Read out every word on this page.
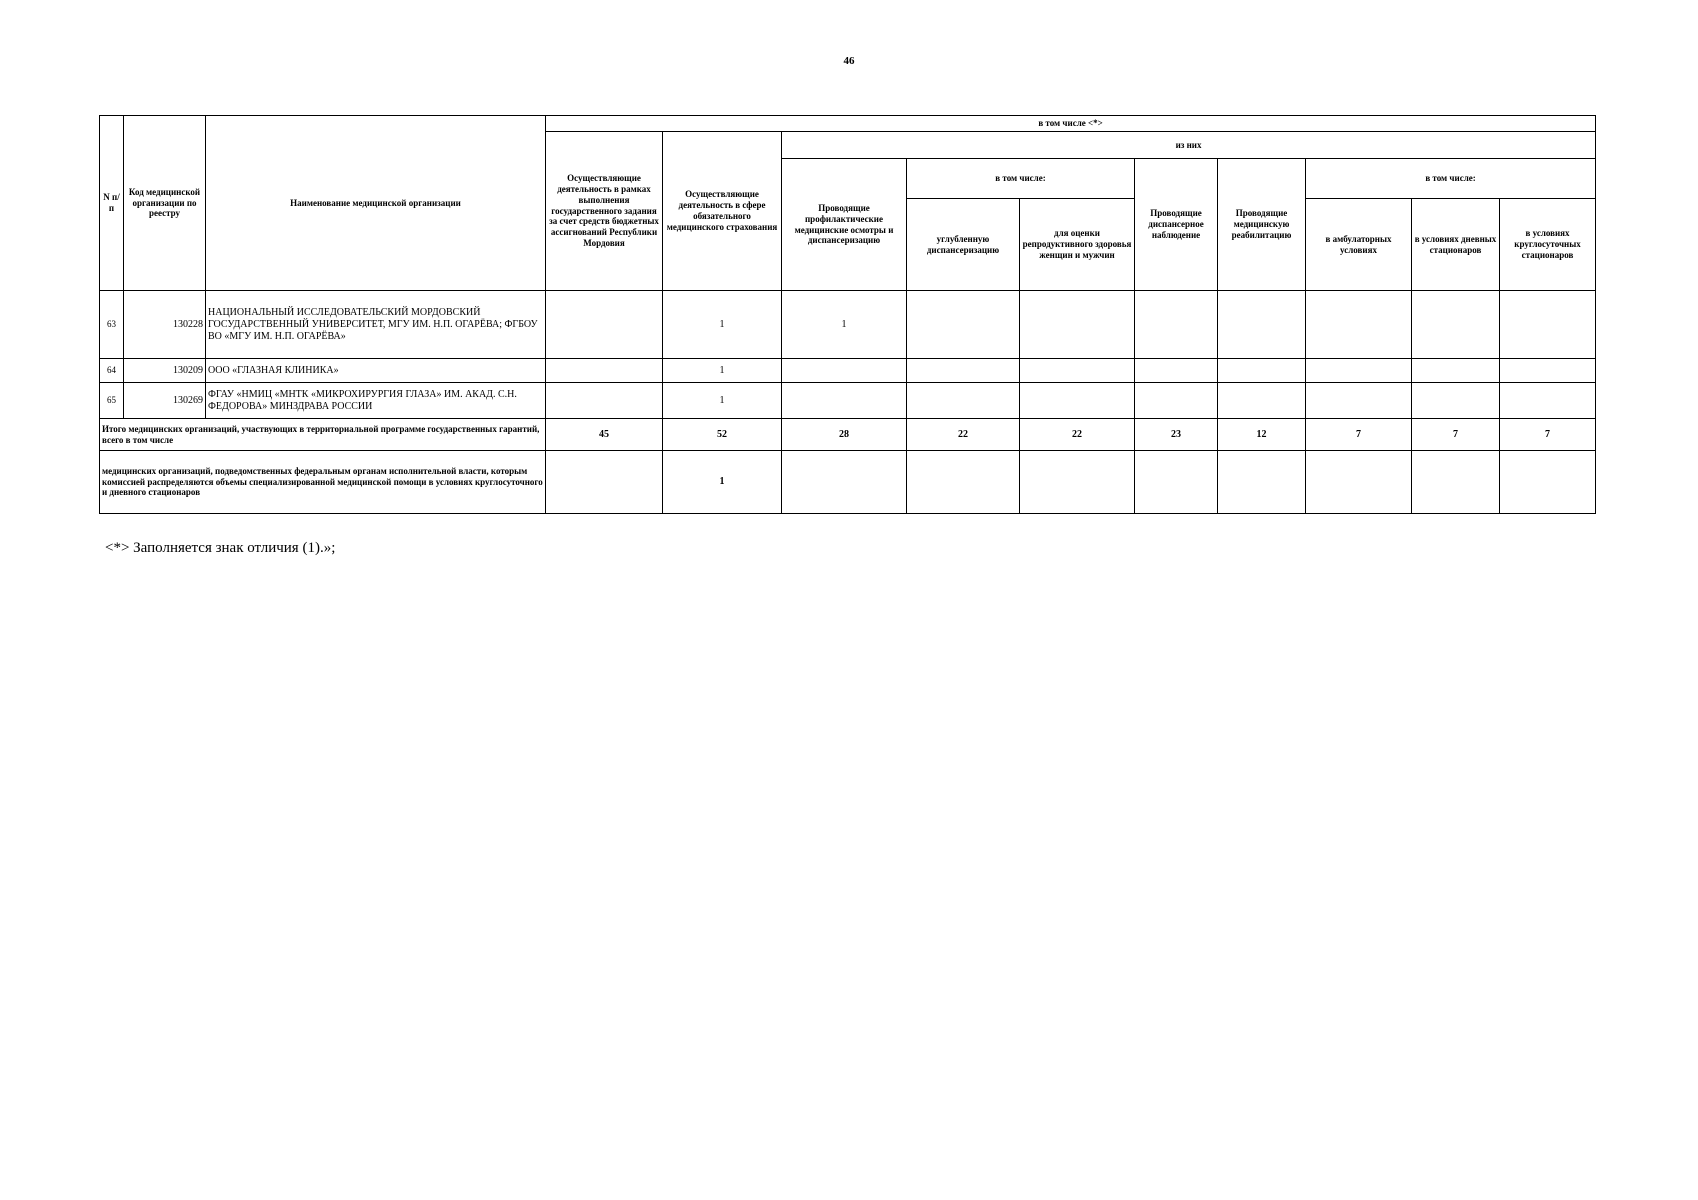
46
N п/п	Код медицинской организации по реестру	Наименование медицинской организации	в том числе <*>									
			Осуществляющие деятельность в рамках выполнения государственного задания за счет средств бюджетных ассигнований Республики Мордовия	Осуществляющие деятельность в сфере обязательного медицинского страхования	из них							
					Проводящие профилактические медицинские осмотры и диспансеризацию	в том числе:		Проводящие диспансерное наблюдение	Проводящие медицинскую реабилитацию	в том числе:		
						углубленную диспансеризацию	для оценки репродуктивного здоровья женщин и мужчин			в амбулаторных условиях	в условиях дневных стационаров	в условиях круглосуточных стационаров
63	130228	НАЦИОНАЛЬНЫЙ ИССЛЕДОВАТЕЛЬСКИЙ МОРДОВСКИЙ ГОСУДАРСТВЕННЫЙ УНИВЕРСИТЕТ, МГУ ИМ. Н.П. ОГАРЁВА; ФГБОУ ВО «МГУ ИМ. Н.П. ОГАРЁВА»		1	1							
64	130209	ООО «ГЛАЗНАЯ КЛИНИКА»		1								
65	130269	ФГАУ «НМИЦ «МНТК «МИКРОХИРУРГИЯ ГЛАЗА» ИМ. АКАД. С.Н. ФЕДОРОВА» МИНЗДРАВА РОССИИ		1								
Итого медицинских организаций, участвующих в территориальной программе государственных гарантий, всего в том числе			45	52	28	22	22	23	12	7	7	7
медицинских организаций, подведомственных федеральным органам исполнительной власти, которым комиссией распределяются объемы специализированной медицинской помощи в условиях круглосуточного и дневного стационаров				1								
<*> Заполняется знак отличия (1).»;
